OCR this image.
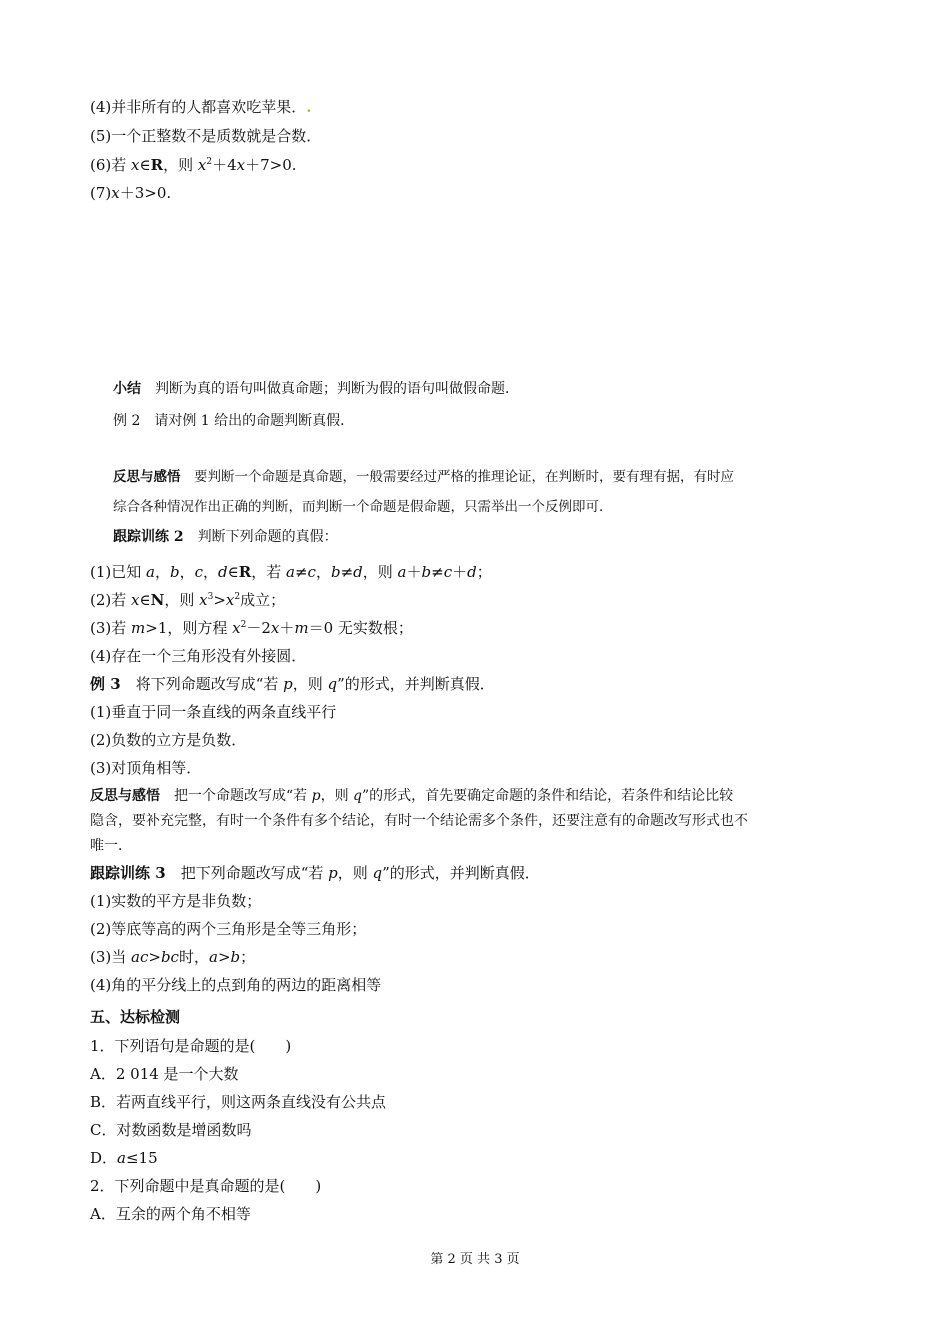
(4)并非所有的人都喜欢吃苹果．.
(5)一个正整数不是质数就是合数．
(6)若 x∈R，则 $x^2+4x+7>0$.
(7)x＋3>0.
小结　 判断为真的语句叫做真命题；判断为假的语句叫做假命题．
例 2　 请对例 1 给出的命题判断真假．
反思与感悟　 要判断一个命题是真命题，一般需要经过严格的推理论证，在判断时，要有理有据，有时应
综合各种情况作出正确的判断，而判断一个命题是假命题，只需举出一个反例即可．
跟踪训练 2　 判断下列命题的真假：
(1)已知 a，b，c，d∈R，若 a≠c，b≠d，则 a＋b≠c＋d；
(2)若 x∈N，则 $x^3>x^2$成立；
(3)若 m>1，则方程 $x^2-2x+m=0$ 无实数根；
(4)存在一个三角形没有外接圆．
例 3　 将下列命题改写成“若 p，则 q”的形式，并判断真假．
(1)垂直于同一条直线的两条直线平行
(2)负数的立方是负数．
(3)对顶角相等．
反思与感悟　 把一个命题改写成“若 p，则 q”的形式，首先要确定命题的条件和结论，若条件和结论比较
隐含，要补充完整，有时一个条件有多个结论，有时一个结论需多个条件，还要注意有的命题改写形式也不
唯一．
跟踪训练 3　 把下列命题改写成“若 p，则 q”的形式，并判断真假．
(1)实数的平方是非负数；
(2)等底等高的两个三角形是全等三角形；
(3)当 ac>bc时，a>b；
(4)角的平分线上的点到角的两边的距离相等
五、达标检测
1．下列语句是命题的是(　　)
A．2 014 是一个大数
B．若两直线平行，则这两条直线没有公共点
C．对数函数是增函数吗
D．a≤15
2．下列命题中是真命题的是(　　)
A．互余的两个角不相等
第 2 页 共 3 页
